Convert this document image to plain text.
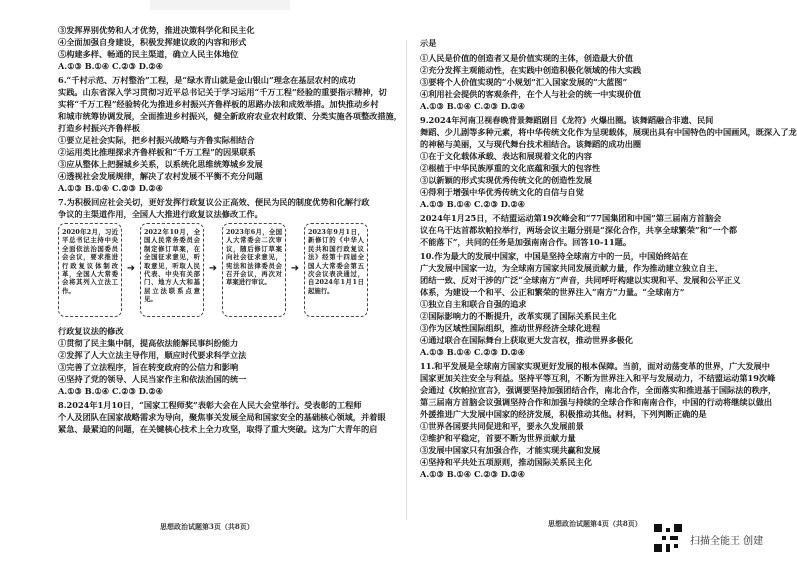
③发挥界别优势和人才优势，推进决策科学化和民主化
④全面加强自身建设，积极发挥建议政的内容和形式
⑤构建多样、畅通的民主渠道，确立人民主体地位
A.①③ B.①④ C.②③ D.②④
6.“千村示范、万村整治”工程，是“绿水青山就是金山银山”理念在基层农村的成功
实践。山东省深入学习贯彻习近平总书记关于学习运用“千万工程”经验的重要指示精神，切
实将“千万工程”经验转化为推进乡村振兴齐鲁样板的思路办法和成效举措。加快推动乡村
和城市统筹协调发展，全面推进乡村振兴，健全新政府农业农村政策、分类实施各项整改措施，
打造乡村振兴齐鲁样板
①要立足社会实际，把乡村振兴战略与齐鲁实际相结合
②运用类比推理探求齐鲁样板和“千万工程”的因果联系
③应从整体上把握城乡关系，以系统化思维统筹城乡发展
④透视社会发展规律，解决了农村发展不平衡不充分问题
A.①③ B.①④ C.②③ D.②④
7.为积极回应社会关切，更好发挥行政复议公正高效、便民为民的制度优势和化解行政
争议的主渠道作用，全国人大推进行政复议法修改工作。
2020年2月，习近平总书记主持中央全面依法治国委员会会议，要求推进行政复议体制改革，全国人大常委会将其列入立法工作。
➜
2022年10月，全国人民常务委员会制定修订草案，在全国征求意见，听取意见，听取人民代表、中央有关部门、地方人大和基层立法联系点意见。
➜
2023年6月，全国人大常委会二次审议，随后修订草案向社会征求意见，宪法和法律委员会召开会议，再次对草案进行审议。
➜
2023年9月1日，新修订的《中华人民共和国行政复议法》经第十四届全国人大常委会第五次会议表决通过，自2024年1月1日起施行。
行政复议法的修改
①贯彻了民主集中制，提高依法能解民事纠纷能力
②发挥了人大立法主导作用，顺应时代要求科学立法
③完善了立法程序，旨在转变政府的公信力和影响
④坚持了党的领导、人民当家作主和依法治国的统一
A.①③ B.①④ C.②③ D.②④
8.2024年1月10日，“国家工程师奖”表彰大会在人民大会堂举行。受表彰的工程师
个人及团队在国家战略需求为导向，聚焦事关发展全局和国家安全的基础核心领域，并着眼
紧急、最紧迫的问题，在关键核心技术上全力攻坚，取得了重大突破。这为广大青年的启
思想政治试题第3页（共8页）
示是
①人民是价值的创造者又是价值实现的主体，创造最大价值
②充分发挥主观能动性，在实践中创造积极化领域的伟大实践
③要将个人价值实现的“小规划”汇入国家发展的“大蓝图”
④利用社会提供的客观条件，在个人与社会的统一中实现价值
A.①③ B.①④ C.②③ D.②④
9.2024年河南卫视春晚背景舞蹈剧目《龙符》火爆出圈。该舞蹈融合非遗、民间
舞蹈、少儿剧等多种元素，将中华传统文化作为呈现载体，展现出具有中国特色的中国画风，既深入了龙
的神秘与美丽，又与现代舞台技术相结合。该舞蹈的成功出圈
①在于文化载体承载、表达和展现着文化的内容
②根植于中华民族厚重的文化底蕴和强大的包容性
③以新颖的形式实现优秀传统文化的创造性发展
④得利于增强中华优秀传统文化的自信与自觉
A.①③ B.①④ C.②③ D.②④
2024年1月25日，不结盟运动第19次峰会和“77国集团和中国”第三届南方首脑会
议在乌干达首都坎帕拉举行，两场会议主题分别是“深化合作，共享全球繁荣”和“一个都
不能落下”，共同的任务是加强南南合作。回答10-11题。
10.作为最大的发展中国家，中国是坚持全球南方中的一员，中国始终站在
广大发展中国家一边，为全球南方国家共同发展贡献力量，作为推动建立独立自主、
团结一致、反对干涉的广泛“全球南方”声音，共同呼吁构建以实现和平、发展和公平正义
体系，为建设一个和平、公正和繁荣的世界注入“南方”力量。“全球南方”
①独立自主和联合自强的追求
②国际影响力的不断提升，改革实现了国际关系民主化
③作为区域性国际组织，推动世界经济全球化进程
④通过联合在国际舞台上获取更大发言权，推动世界多极化
A.①③ B.①④ C.②③ D.②④
11.和平发展是全球南方国家实现更好发展的根本保障。当前，面对动荡变革的世界，广大发展中
国家更加关注安全与利益。坚持平等互利，不断为世界注入和平与发展动力，不结盟运动第19次峰
会通过《坎帕拉宣言》，强调要坚持加强团结合作，南北合作，全面落实和推进基于国际法的秩序，
第三届南方首脑会议强调坚持合作和加强与持续的全球合作和南南合作，中国的行动将继续以做出
外援推进广大发展中国家的经济发展，积极推动其他。材料，下列判断正确的是
①世界各国要共同促进和平，要永久发展前景
②维护和平稳定，首要不断为世界贡献力量
③发展中国家只有加强合作，才能实现共赢和发展
④坚持和平共处五项原则，推动国际关系民主化
A.①③ B.①④ C.②③ D.②④
思想政治试题第4页（共8页）
扫描全能王 创建
